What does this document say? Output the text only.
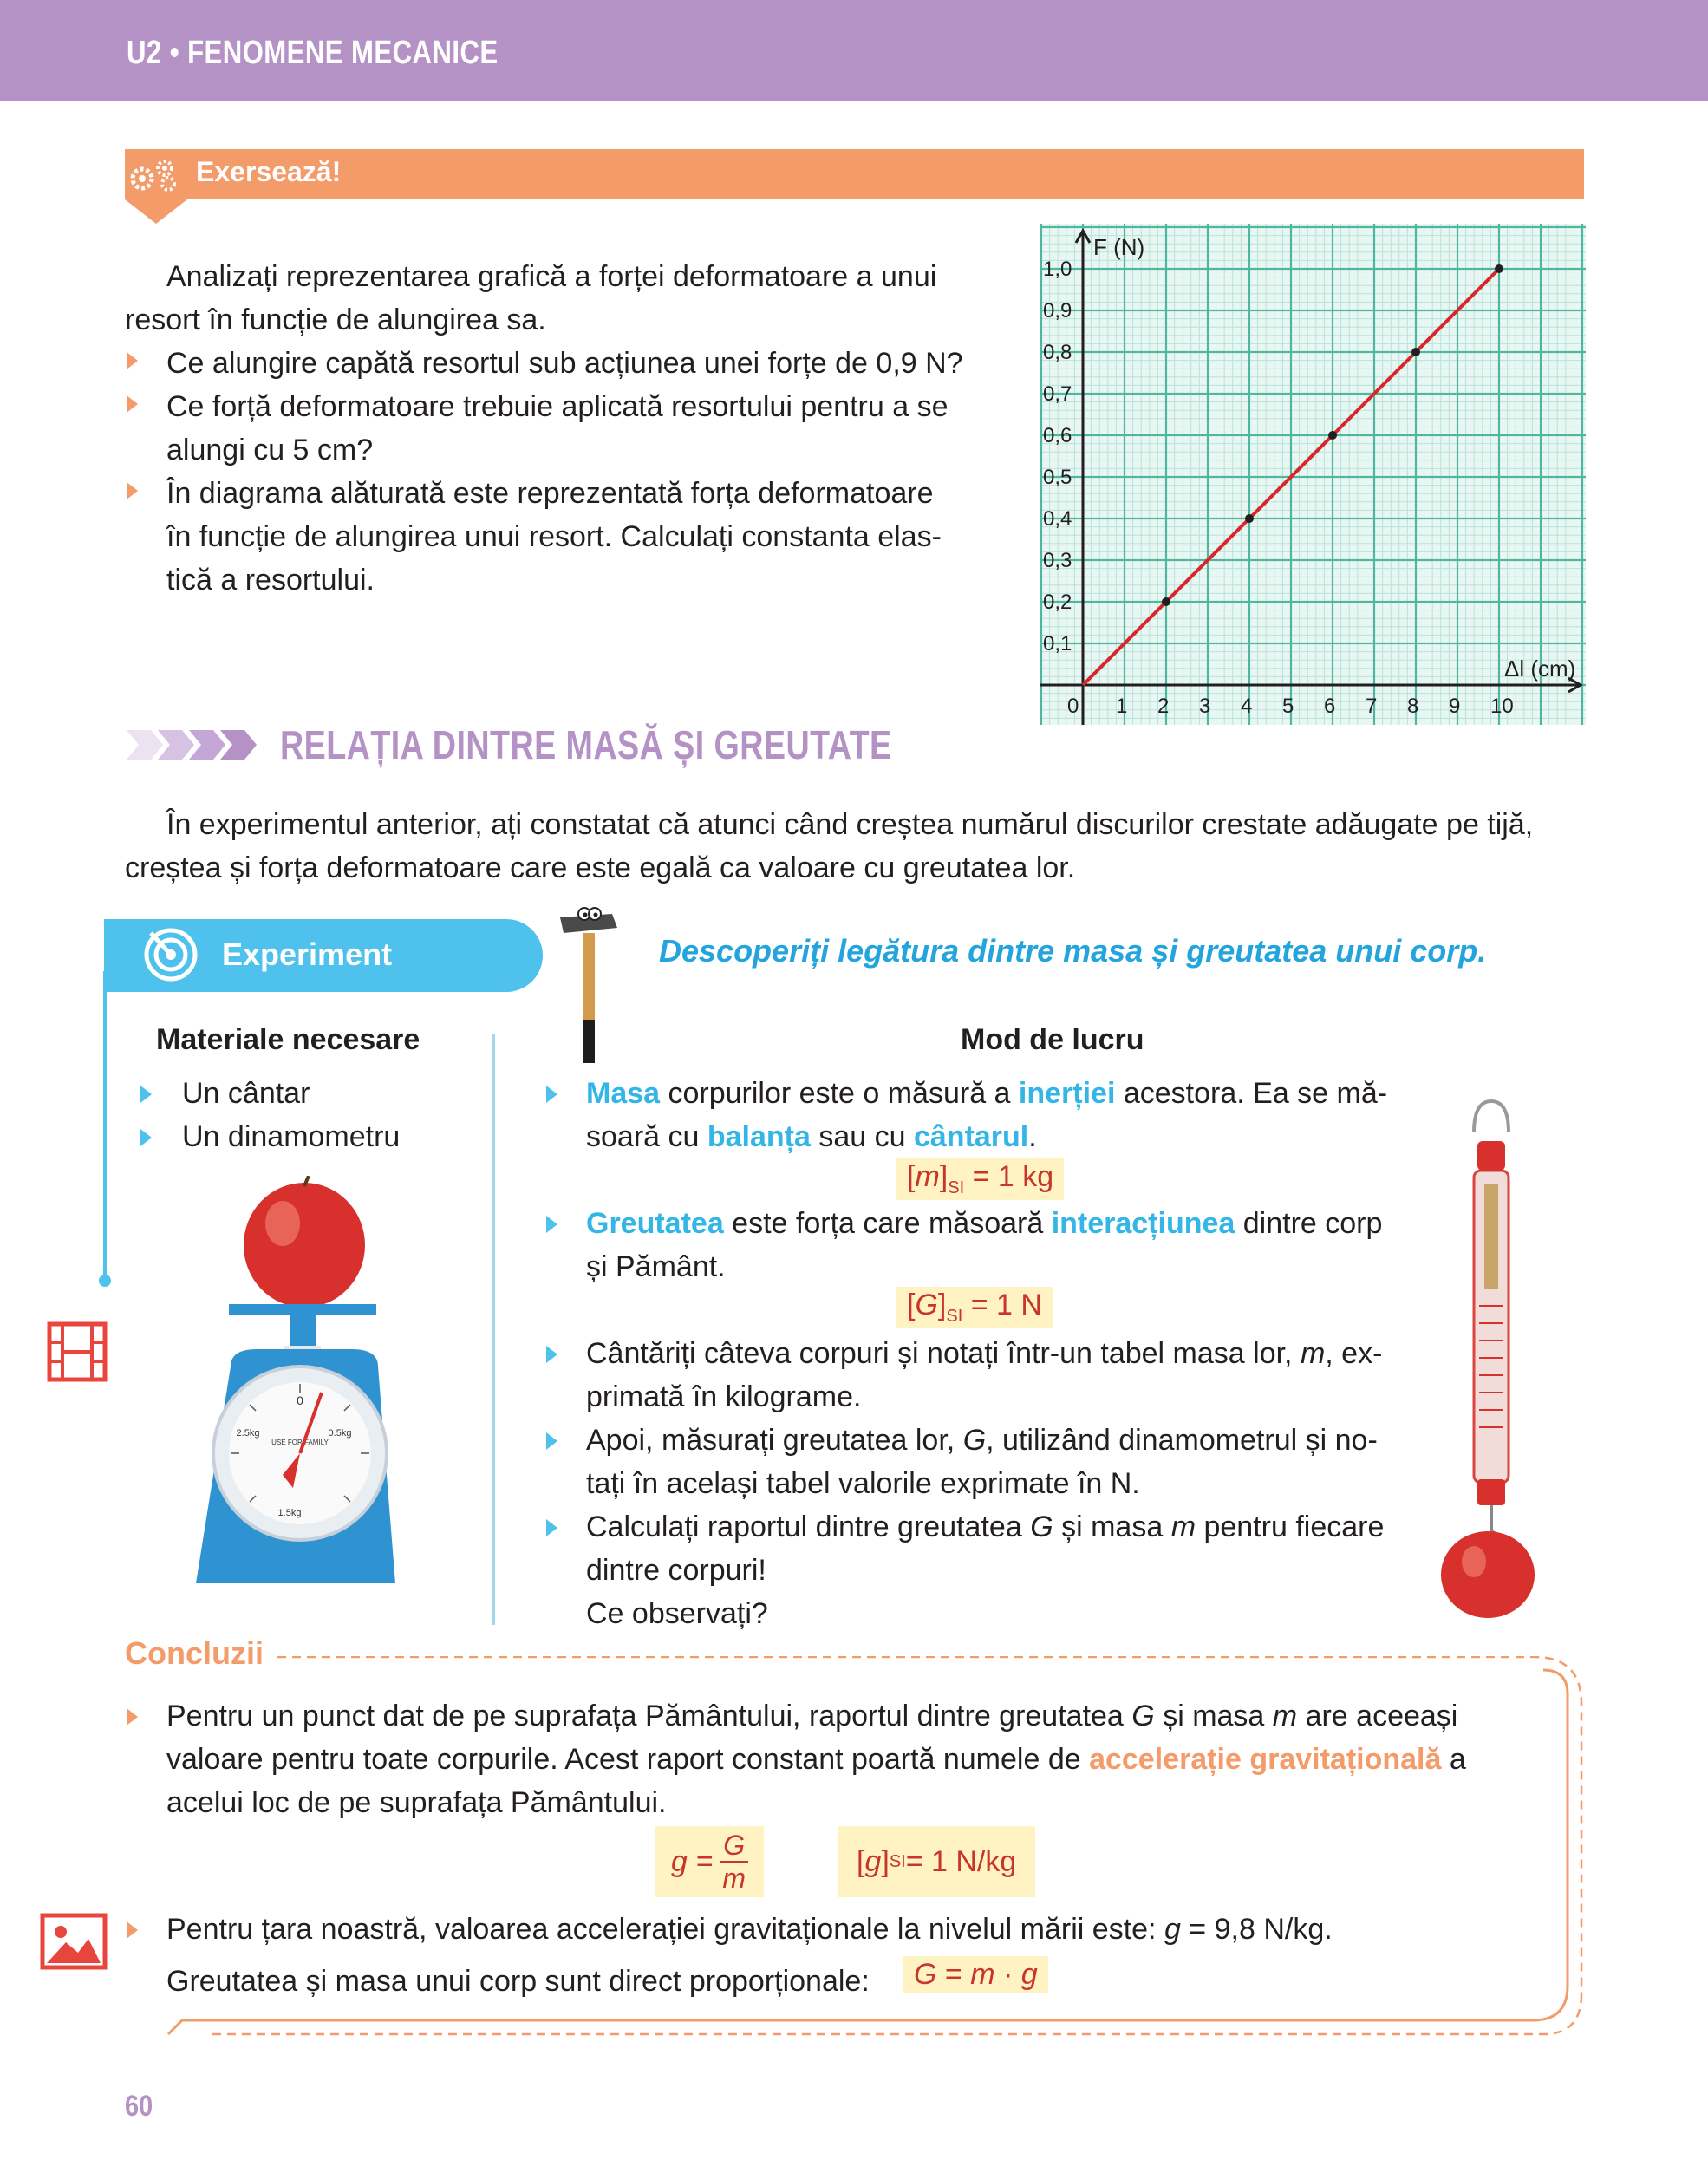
U2 • FENOMENE MECANICE
Exersează!
Analizați reprezentarea grafică a forței deformatoare a unui
resort în funcție de alungirea sa.
Ce alungire capătă resortul sub acțiunea unei forțe de 0,9 N?
Ce forță deformatoare trebuie aplicată resortului pentru a se
alungi cu 5 cm?
În diagrama alăturată este reprezentată forța deformatoare
în funcție de alungirea unui resort. Calculați constanta elas-
tică a resortului.
0 1 2 3 4 5 6 7 8 9 10
0,1
0,2
0,3
0,4
0,5
0,6
0,7
0,8
0,9
1,0
F (N)
Δl (cm)
RELAȚIA DINTRE MASĂ ȘI GREUTATE
În experimentul anterior, ați constatat că atunci când creștea numărul discurilor crestate adăugate pe tijă,
creștea și forța deformatoare care este egală ca valoare cu greutatea lor.
Experiment	Descoperiți legătura dintre masa și greutatea unui corp.
Materiale necesare
Un cântar
Un dinamometru
0
0.5kg
2.5kg
USE FOR FAMILY
1.5kg
Mod de lucru
Masa corpurilor este o măsură a inerției acestora. Ea se mă-
soară cu balanța sau cu cântarul.
$[m]_{SI} = 1$ kg
Greutatea este forța care măsoară interacțiunea dintre corp
și Pământ.
$[G]_{SI} = 1$ N
Cântăriți câteva corpuri și notați într-un tabel masa lor, m, ex-
primată în kilograme.
Apoi, măsurați greutatea lor, G, utilizând dinamometrul și no-
tați în același tabel valorile exprimate în N.
Calculați raportul dintre greutatea G și masa m pentru fiecare
dintre corpuri!
Ce observați?
Concluzii
Pentru un punct dat de pe suprafața Pământului, raportul dintre greutatea G și masa m are aceeași
valoare pentru toate corpurile. Acest raport constant poartă numele de accelerație gravitațională a
acelui loc de pe suprafața Pământului.
$g = \frac{G}{m}$	[ g ] SI = 1 N/kg
Pentru țara noastră, valoarea accelerației gravitaționale la nivelul mării este: g = 9,8 N/kg.
Greutatea și masa unui corp sunt direct proporționale:	G = m · g
60
